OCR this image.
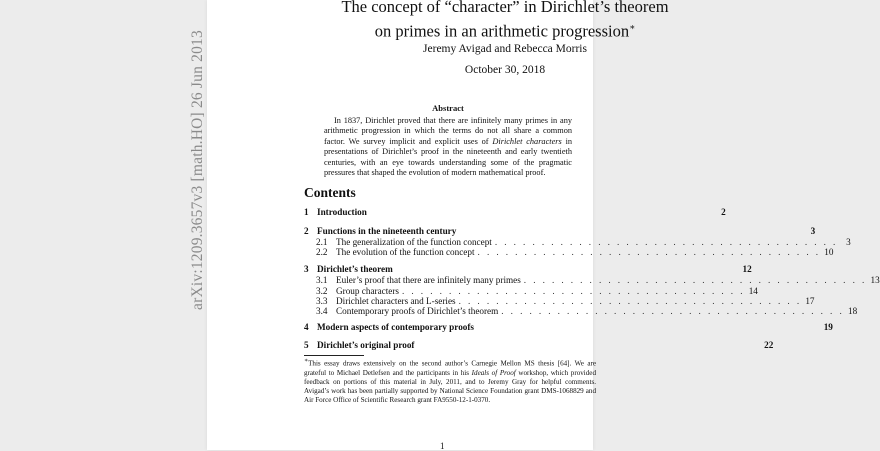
arXiv:1209.3657v3 [math.HO] 26 Jun 2013
The concept of “character” in Dirichlet’s theorem
on primes in an arithmetic progression∗
Jeremy Avigad and Rebecca Morris
October 30, 2018
Abstract

In 1837, Dirichlet proved that there are infinitely many primes in any arithmetic progression in which the terms do not all share a common factor. We survey implicit and explicit uses of Dirichlet characters in presentations of Dirichlet’s proof in the nineteenth and early twentieth centuries, with an eye towards understanding some of the pragmatic pressures that shaped the evolution of modern mathematical proof.

Contents
1 Introduction	2
2 Functions in the nineteenth century	3
2.1 The generalization of the function concept . . . . . . . . . . . . . . . . . . . . . . . . . . . . . . . . . . . . . 3
2.2 The evolution of the function concept . . . . . . . . . . . . . . . . . . . . . . . . . . . . . . . . . . . . . 10
3 Dirichlet’s theorem	12
3.1 Euler’s proof that there are infinitely many primes . . . . . . . . . . . . . . . . . . . . . . . . . . . . . . . . . . . . . 13
3.2 Group characters . . . . . . . . . . . . . . . . . . . . . . . . . . . . . . . . . . . . . 14
3.3 Dirichlet characters and L-series . . . . . . . . . . . . . . . . . . . . . . . . . . . . . . . . . . . . . 17
3.4 Contemporary proofs of Dirichlet’s theorem . . . . . . . . . . . . . . . . . . . . . . . . . . . . . . . . . . . . . 18
4 Modern aspects of contemporary proofs	19
5 Dirichlet’s original proof	22

∗This essay draws extensively on the second author’s Carnegie Mellon MS thesis [64]. We are grateful to Michael Detlefsen and the participants in his Ideals of Proof workshop, which provided feedback on portions of this material in July, 2011, and to Jeremy Gray for helpful comments. Avigad’s work has been partially supported by National Science Foundation grant DMS-1068829 and Air Force Office of Scientific Research grant FA9550-12-1-0370.

1
